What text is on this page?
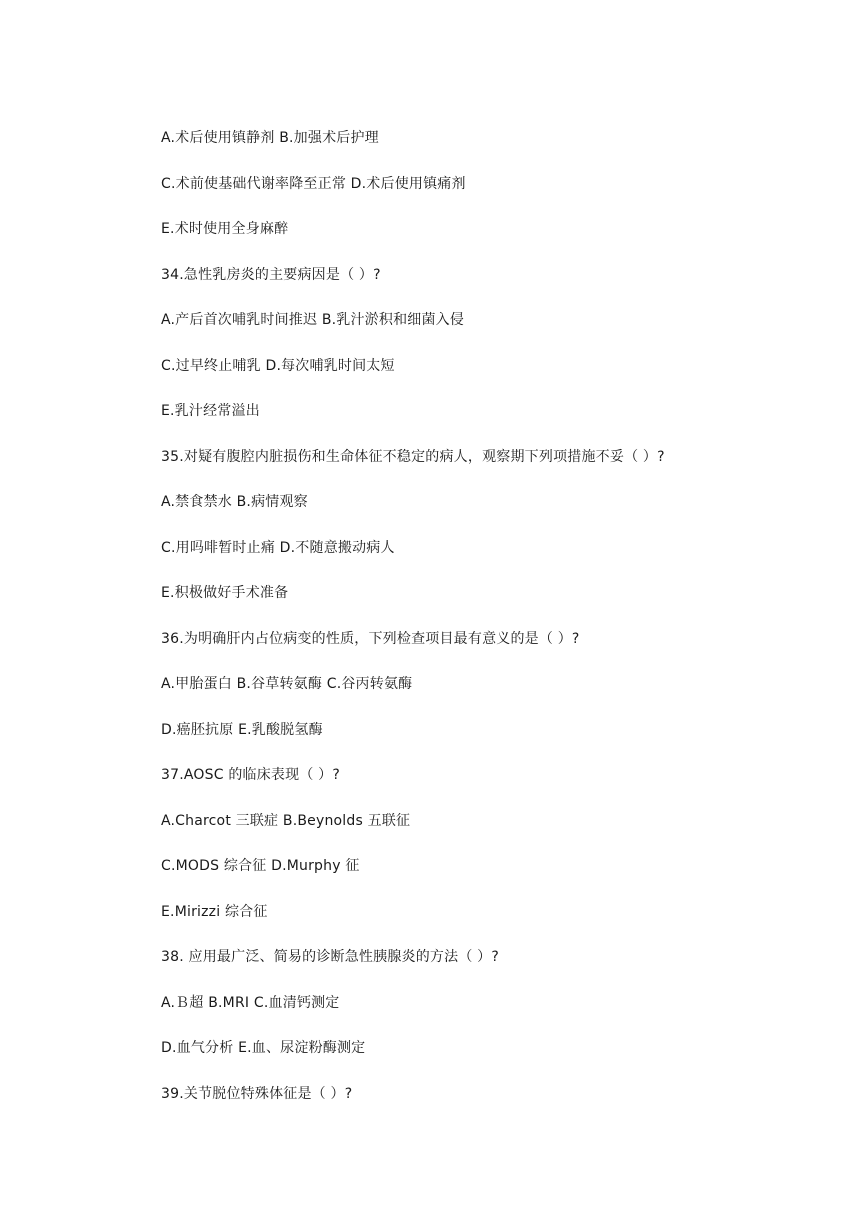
A.术后使用镇静剂 B.加强术后护理
C.术前使基础代谢率降至正常 D.术后使用镇痛剂
E.术时使用全身麻醉
34.急性乳房炎的主要病因是（ ）?
A.产后首次哺乳时间推迟 B.乳汁淤积和细菌入侵
C.过早终止哺乳 D.每次哺乳时间太短
E.乳汁经常溢出
35.对疑有腹腔内脏损伤和生命体征不稳定的病人，观察期下列项措施不妥（ ）?
A.禁食禁水 B.病情观察
C.用吗啡暂时止痛 D.不随意搬动病人
E.积极做好手术准备
36.为明确肝内占位病变的性质，下列检查项目最有意义的是（ ）?
A.甲胎蛋白 B.谷草转氨酶 C.谷丙转氨酶
D.癌胚抗原 E.乳酸脱氢酶
37.AOSC 的临床表现（ ）?
A.Charcot 三联症 B.Beynolds 五联征
C.MODS 综合征 D.Murphy 征
E.Mirizzi 综合征
38. 应用最广泛、简易的诊断急性胰腺炎的方法（ ）?
A.Ｂ超 B.MRI C.血清钙测定
D.血气分析 E.血、尿淀粉酶测定
39.关节脱位特殊体征是（ ）?
